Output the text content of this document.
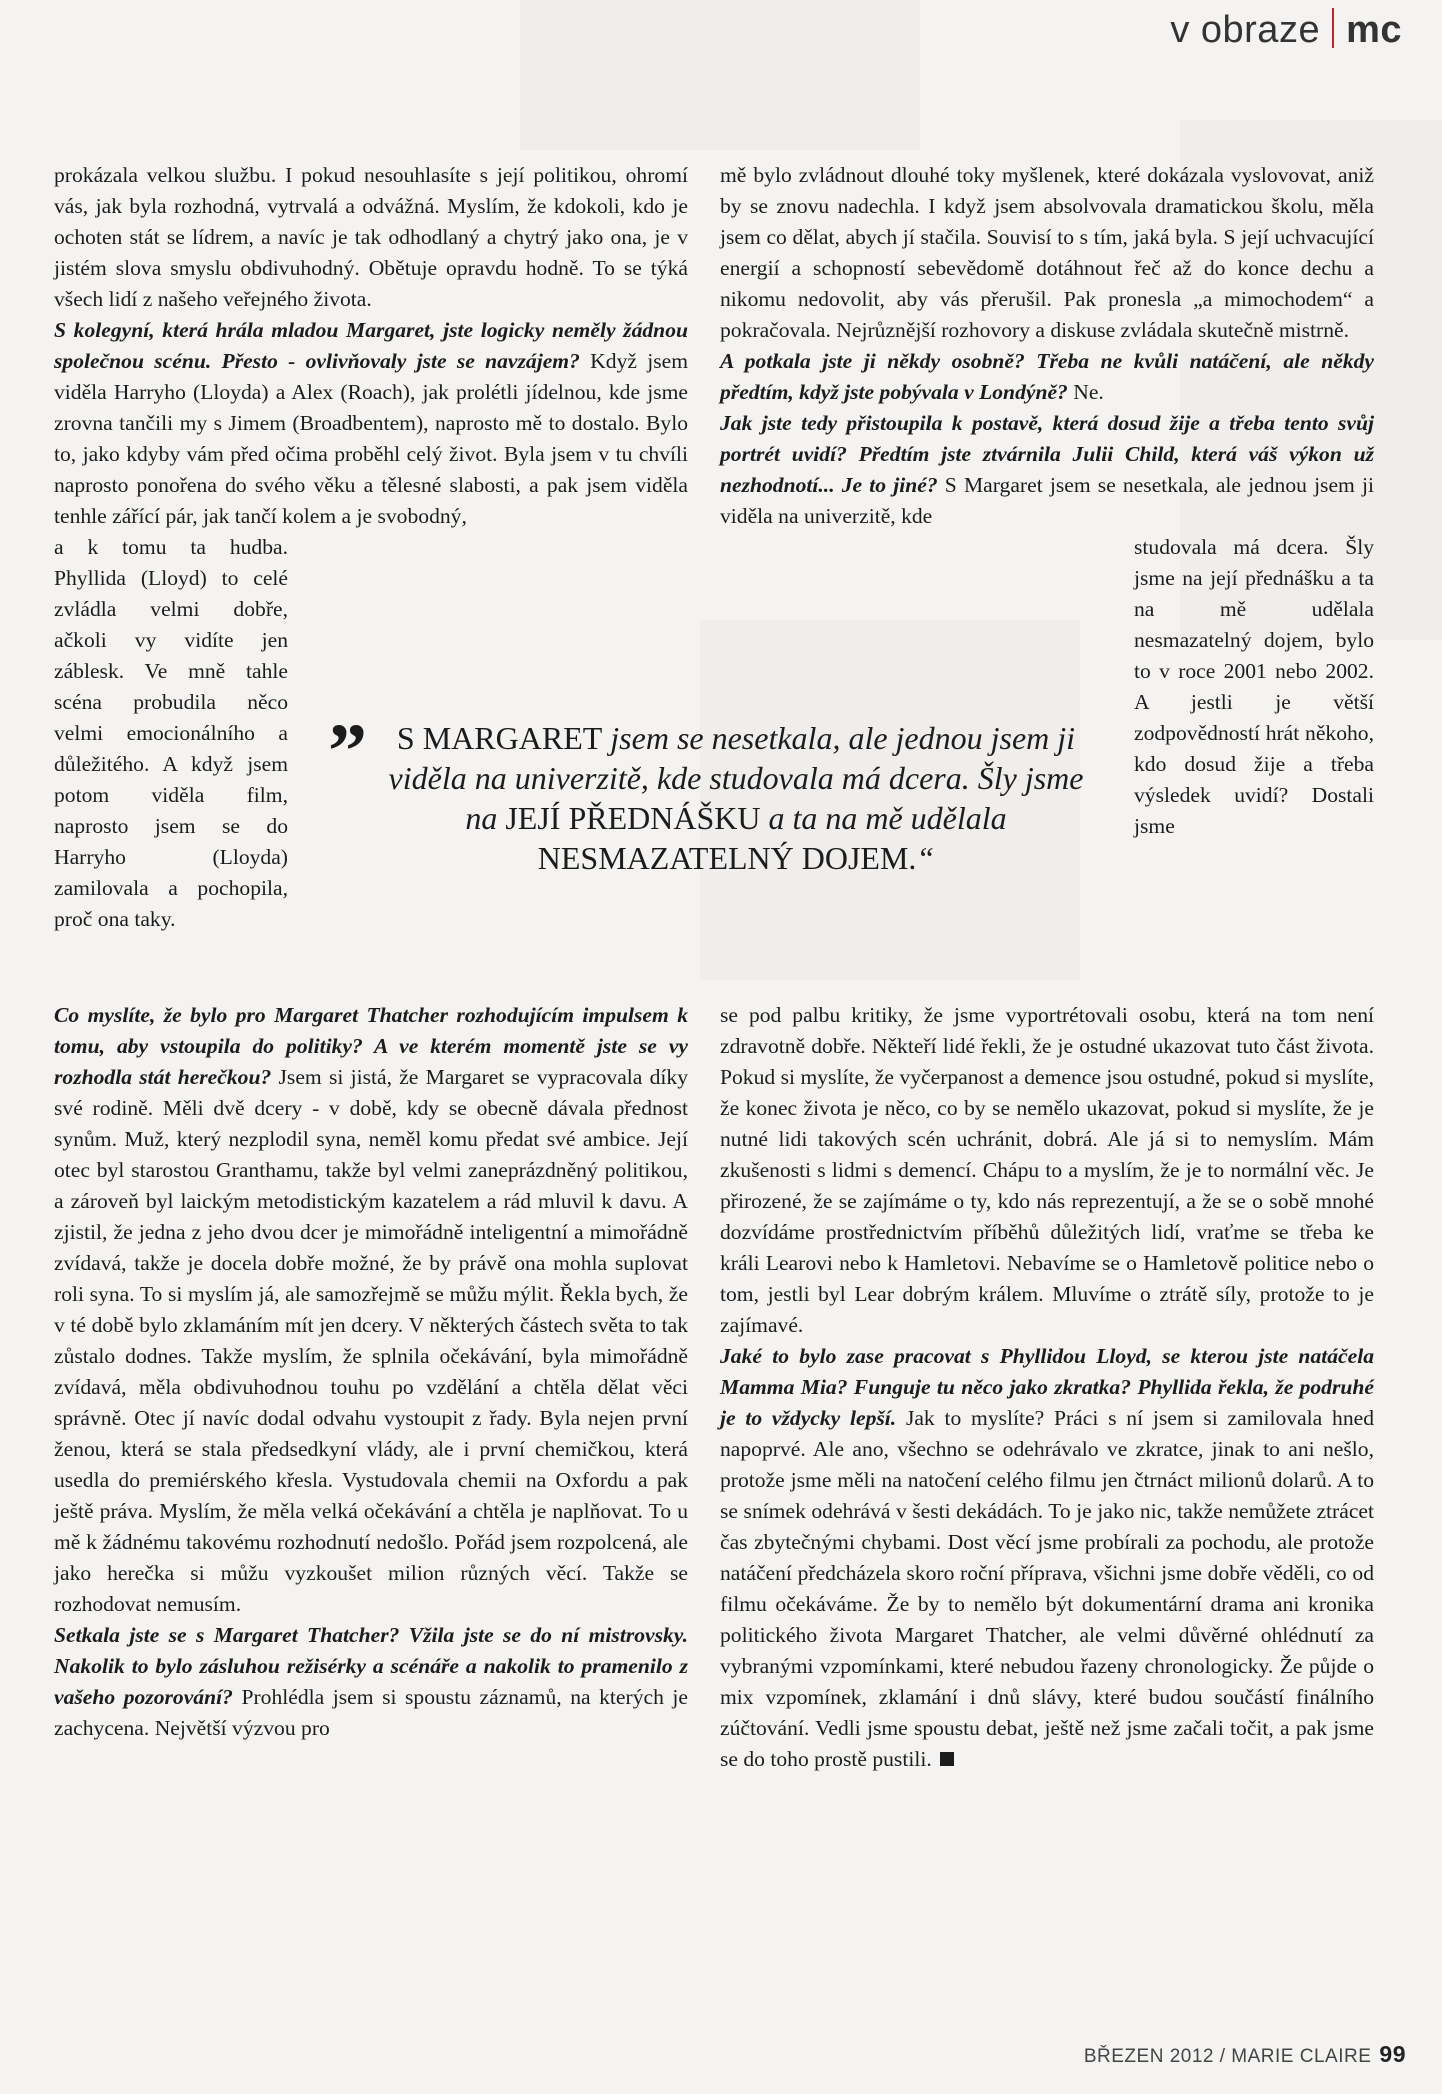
v obraze mc
prokázala velkou službu. I pokud nesouhlasíte s její politikou, ohromí vás, jak byla rozhodná, vytrvalá a odvážná. Myslím, že kdokoli, kdo je ochoten stát se lídrem, a navíc je tak odhodlaný a chytrý jako ona, je v jistém slova smyslu obdivuhodný. Obětuje opravdu hodně. To se týká všech lidí z našeho veřejného života.
S kolegyní, která hrála mladou Margaret, jste logicky neměly žádnou společnou scénu. Přesto - ovlivňovaly jste se navzájem? Když jsem viděla Harryho (Lloyda) a Alex (Roach), jak prolétli jídelnou, kde jsme zrovna tančili my s Jimem (Broadbentem), naprosto mě to dostalo. Bylo to, jako kdyby vám před očima proběhl celý život. Byla jsem v tu chvíli naprosto ponořena do svého věku a tělesné slabosti, a pak jsem viděla tenhle zářící pár, jak tančí kolem a je svobodný,
a k tomu ta hudba. Phyllida (Lloyd) to celé zvládla velmi dobře, ačkoli vy vidíte jen záblesk. Ve mně tahle scéna probudila něco velmi emocionálního a důležitého. A když jsem potom viděla film, naprosto jsem se do Harryho (Lloyda) zamilovala a pochopila, proč ona taky.
Co myslíte, že bylo pro Margaret Thatcher rozhodujícím impulsem k tomu, aby vstoupila do politiky? A ve kterém momentě jste se vy rozhodla stát herečkou? Jsem si jistá, že Margaret se vypracovala díky své rodině. Měli dvě dcery - v době, kdy se obecně dávala přednost synům. Muž, který nezplodil syna, neměl komu předat své ambice. Její otec byl starostou Granthamu, takže byl velmi zaneprázdněný politikou, a zároveň byl laickým metodistickým kazatelem a rád mluvil k davu. A zjistil, že jedna z jeho dvou dcer je mimořádně inteligentní a mimořádně zvídavá, takže je docela dobře možné, že by právě ona mohla suplovat roli syna. To si myslím já, ale samozřejmě se můžu mýlit. Řekla bych, že v té době bylo zklamáním mít jen dcery. V některých částech světa to tak zůstalo dodnes. Takže myslím, že splnila očekávání, byla mimořádně zvídavá, měla obdivuhodnou touhu po vzdělání a chtěla dělat věci správně. Otec jí navíc dodal odvahu vystoupit z řady. Byla nejen první ženou, která se stala předsedkyní vlády, ale i první chemičkou, která usedla do premiérského křesla. Vystudovala chemii na Oxfordu a pak ještě práva. Myslím, že měla velká očekávání a chtěla je naplňovat. To u mě k žádnému takovému rozhodnutí nedošlo. Pořád jsem rozpolcená, ale jako herečka si můžu vyzkoušet milion různých věcí. Takže se rozhodovat nemusím.
Setkala jste se s Margaret Thatcher? Vžila jste se do ní mistrovsky. Nakolik to bylo zásluhou režisérky a scénáře a nakolik to pramenilo z vašeho pozorování? Prohlédla jsem si spoustu záznamů, na kterých je zachycena. Největší výzvou pro
mě bylo zvládnout dlouhé toky myšlenek, které dokázala vyslovovat, aniž by se znovu nadechla. I když jsem absolvovala dramatickou školu, měla jsem co dělat, abych jí stačila. Souvisí to s tím, jaká byla. S její uchvacující energií a schopností sebevědomě dotáhnout řeč až do konce dechu a nikomu nedovolit, aby vás přerušil. Pak pronesla „a mimochodem“ a pokračovala. Nejrůznější rozhovory a diskuse zvládala skutečně mistrně.
A potkala jste ji někdy osobně? Třeba ne kvůli natáčení, ale někdy předtím, když jste pobývala v Londýně? Ne.
Jak jste tedy přistoupila k postavě, která dosud žije a třeba tento svůj portrét uvidí? Předtím jste ztvárnila Julii Child, která váš výkon už nezhodnotí... Je to jiné? S Margaret jsem se nesetkala, ale jednou jsem ji viděla na univerzitě, kde
studovala má dcera. Šly jsme na její přednášku a ta na mě udělala nesmazatelný dojem, bylo to v roce 2001 nebo 2002. A jestli je větší zodpovědností hrát někoho, kdo dosud žije a třeba výsledek uvidí? Dostali jsme
se pod palbu kritiky, že jsme vyportrétovali osobu, která na tom není zdravotně dobře. Někteří lidé řekli, že je ostudné ukazovat tuto část života. Pokud si myslíte, že vyčerpanost a demence jsou ostudné, pokud si myslíte, že konec života je něco, co by se nemělo ukazovat, pokud si myslíte, že je nutné lidi takových scén uchránit, dobrá. Ale já si to nemyslím. Mám zkušenosti s lidmi s demencí. Chápu to a myslím, že je to normální věc. Je přirozené, že se zajímáme o ty, kdo nás reprezentují, a že se o sobě mnohé dozvídáme prostřednictvím příběhů důležitých lidí, vraťme se třeba ke králi Learovi nebo k Hamletovi. Nebavíme se o Hamletově politice nebo o tom, jestli byl Lear dobrým králem. Mluvíme o ztrátě síly, protože to je zajímavé.
Jaké to bylo zase pracovat s Phyllidou Lloyd, se kterou jste natáčela Mamma Mia? Funguje tu něco jako zkratka? Phyllida řekla, že podruhé je to vždycky lepší. Jak to myslíte? Práci s ní jsem si zamilovala hned napoprvé. Ale ano, všechno se odehrávalo ve zkratce, jinak to ani nešlo, protože jsme měli na natočení celého filmu jen čtrnáct milionů dolarů. A to se snímek odehrává v šesti dekádách. To je jako nic, takže nemůžete ztrácet čas zbytečnými chybami. Dost věcí jsme probírali za pochodu, ale protože natáčení předcházela skoro roční příprava, všichni jsme dobře věděli, co od filmu očekáváme. Že by to nemělo být dokumentární drama ani kronika politického života Margaret Thatcher, ale velmi důvěrné ohlédnutí za vybranými vzpomínkami, které nebudou řazeny chronologicky. Že půjde o mix vzpomínek, zklamání i dnů slávy, které budou součástí finálního zúčtování. Vedli jsme spoustu debat, ještě než jsme začali točit, a pak jsme se do toho prostě pustili.
” S MARGARET jsem se nesetkala, ale jednou jsem ji viděla na univerzitě, kde studovala má dcera. Šly jsme na JEJÍ PŘEDNÁŠKU a ta na mě udělala NESMAZATELNÝ DOJEM.“
BŘEZEN 2012 / MARIE CLAIRE 99
